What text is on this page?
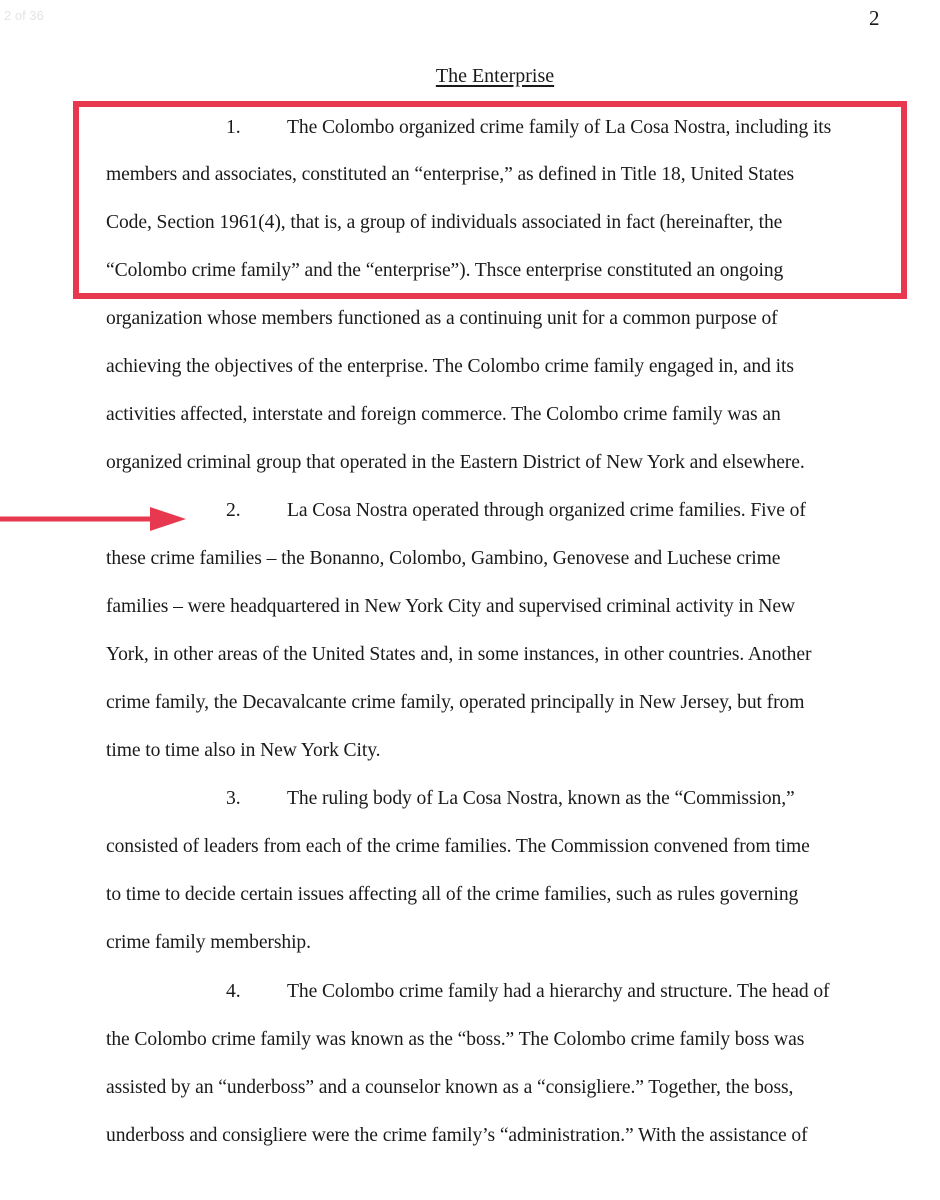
2 of 36	2
The Enterprise
1. The Colombo organized crime family of La Cosa Nostra, including its
members and associates, constituted an “enterprise,” as defined in Title 18, United States
Code, Section 1961(4), that is, a group of individuals associated in fact (hereinafter, the
“Colombo crime family” and the “enterprise”). Thsce enterprise constituted an ongoing
organization whose members functioned as a continuing unit for a common purpose of
achieving the objectives of the enterprise. The Colombo crime family engaged in, and its
activities affected, interstate and foreign commerce. The Colombo crime family was an
organized criminal group that operated in the Eastern District of New York and elsewhere.
2. La Cosa Nostra operated through organized crime families. Five of
these crime families – the Bonanno, Colombo, Gambino, Genovese and Luchese crime
families – were headquartered in New York City and supervised criminal activity in New
York, in other areas of the United States and, in some instances, in other countries. Another
crime family, the Decavalcante crime family, operated principally in New Jersey, but from
time to time also in New York City.
3. The ruling body of La Cosa Nostra, known as the “Commission,”
consisted of leaders from each of the crime families. The Commission convened from time
to time to decide certain issues affecting all of the crime families, such as rules governing
crime family membership.
4. The Colombo crime family had a hierarchy and structure. The head of
the Colombo crime family was known as the “boss.” The Colombo crime family boss was
assisted by an “underboss” and a counselor known as a “consigliere.” Together, the boss,
underboss and consigliere were the crime family’s “administration.” With the assistance of
